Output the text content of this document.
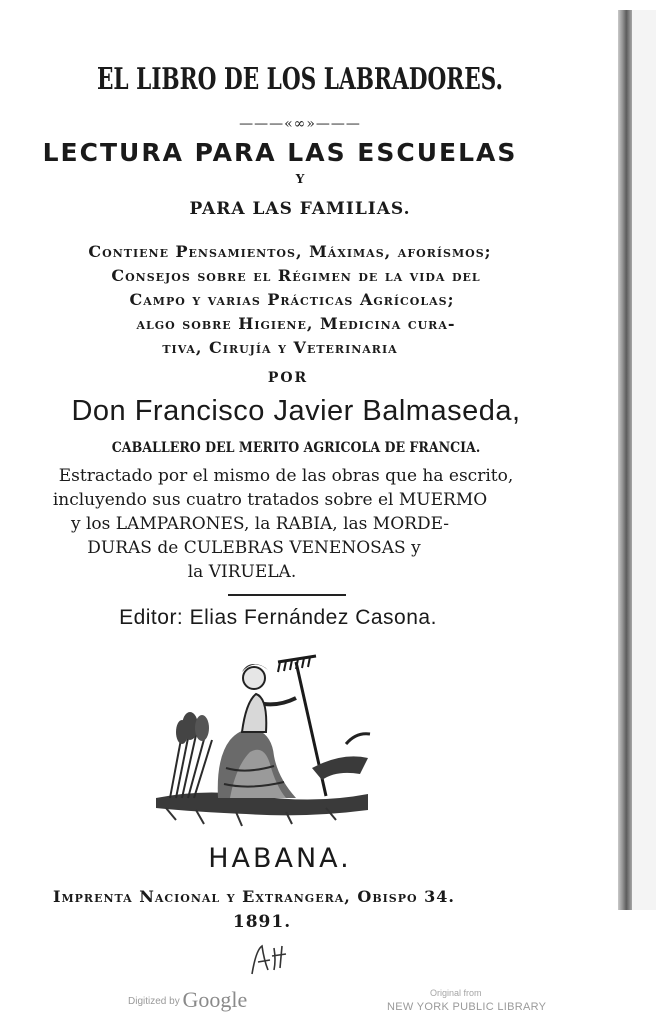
EL LIBRO DE LOS LABRADORES.
———«∞»———
LECTURA PARA LAS ESCUELAS
Y
PARA LAS FAMILIAS.
Contiene Pensamientos, Máximas, aforísmos;
Consejos sobre el Régimen de la vida del
Campo y varias Prácticas Agrícolas;
algo sobre Higiene, Medicina cura-
tiva, Cirujía y Veterinaria
POR
Don Francisco Javier Balmaseda,
CABALLERO DEL MERITO AGRICOLA DE FRANCIA.
Estractado por el mismo de las obras que ha escrito,
incluyendo sus cuatro tratados sobre el MUERMO
y los LAMPARONES, la RABIA, las MORDE-
DURAS de CULEBRAS VENENOSAS y
la VIRUELA.
Editor: Elias Fernández Casona.
HABANA.
Imprenta Nacional y Extrangera, Obispo 34.
1891.
Digitized by Google	Original from
NEW YORK PUBLIC LIBRARY
